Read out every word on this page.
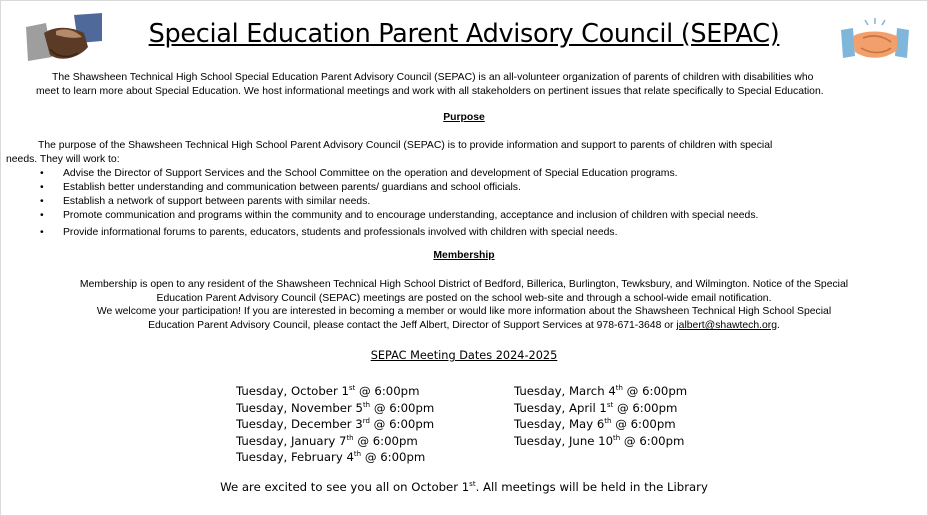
Special Education Parent Advisory Council (SEPAC)
The Shawsheen Technical High School Special Education Parent Advisory Council (SEPAC) is an all-volunteer organization of parents of children with disabilities who
meet to learn more about Special Education. We host informational meetings and work with all stakeholders on pertinent issues that relate specifically to Special Education.
Purpose
The purpose of the Shawsheen Technical High School Parent Advisory Council (SEPAC) is to provide information and support to parents of children with special
needs. They will work to:
• Advise the Director of Support Services and the School Committee on the operation and development of Special Education programs.
• Establish better understanding and communication between parents/ guardians and school officials.
• Establish a network of support between parents with similar needs.
• Promote communication and programs within the community and to encourage understanding, acceptance and inclusion of children with special needs.
• Provide informational forums to parents, educators, students and professionals involved with children with special needs.
Membership
Membership is open to any resident of the Shawsheen Technical High School District of Bedford, Billerica, Burlington, Tewksbury, and Wilmington. Notice of the Special
Education Parent Advisory Council (SEPAC) meetings are posted on the school web-site and through a school-wide email notification.
We welcome your participation! If you are interested in becoming a member or would like more information about the Shawsheen Technical High School Special
Education Parent Advisory Council, please contact the Jeff Albert, Director of Support Services at 978-671-3648 or jalbert@shawtech.org.
SEPAC Meeting Dates 2024-2025
Tuesday, October 1st @ 6:00pm
Tuesday, November 5th @ 6:00pm
Tuesday, December 3rd @ 6:00pm
Tuesday, January 7th @ 6:00pm
Tuesday, February 4th @ 6:00pm
Tuesday, March 4th @ 6:00pm
Tuesday, April 1st @ 6:00pm
Tuesday, May 6th @ 6:00pm
Tuesday, June 10th @ 6:00pm
We are excited to see you all on October 1st. All meetings will be held in the Library
